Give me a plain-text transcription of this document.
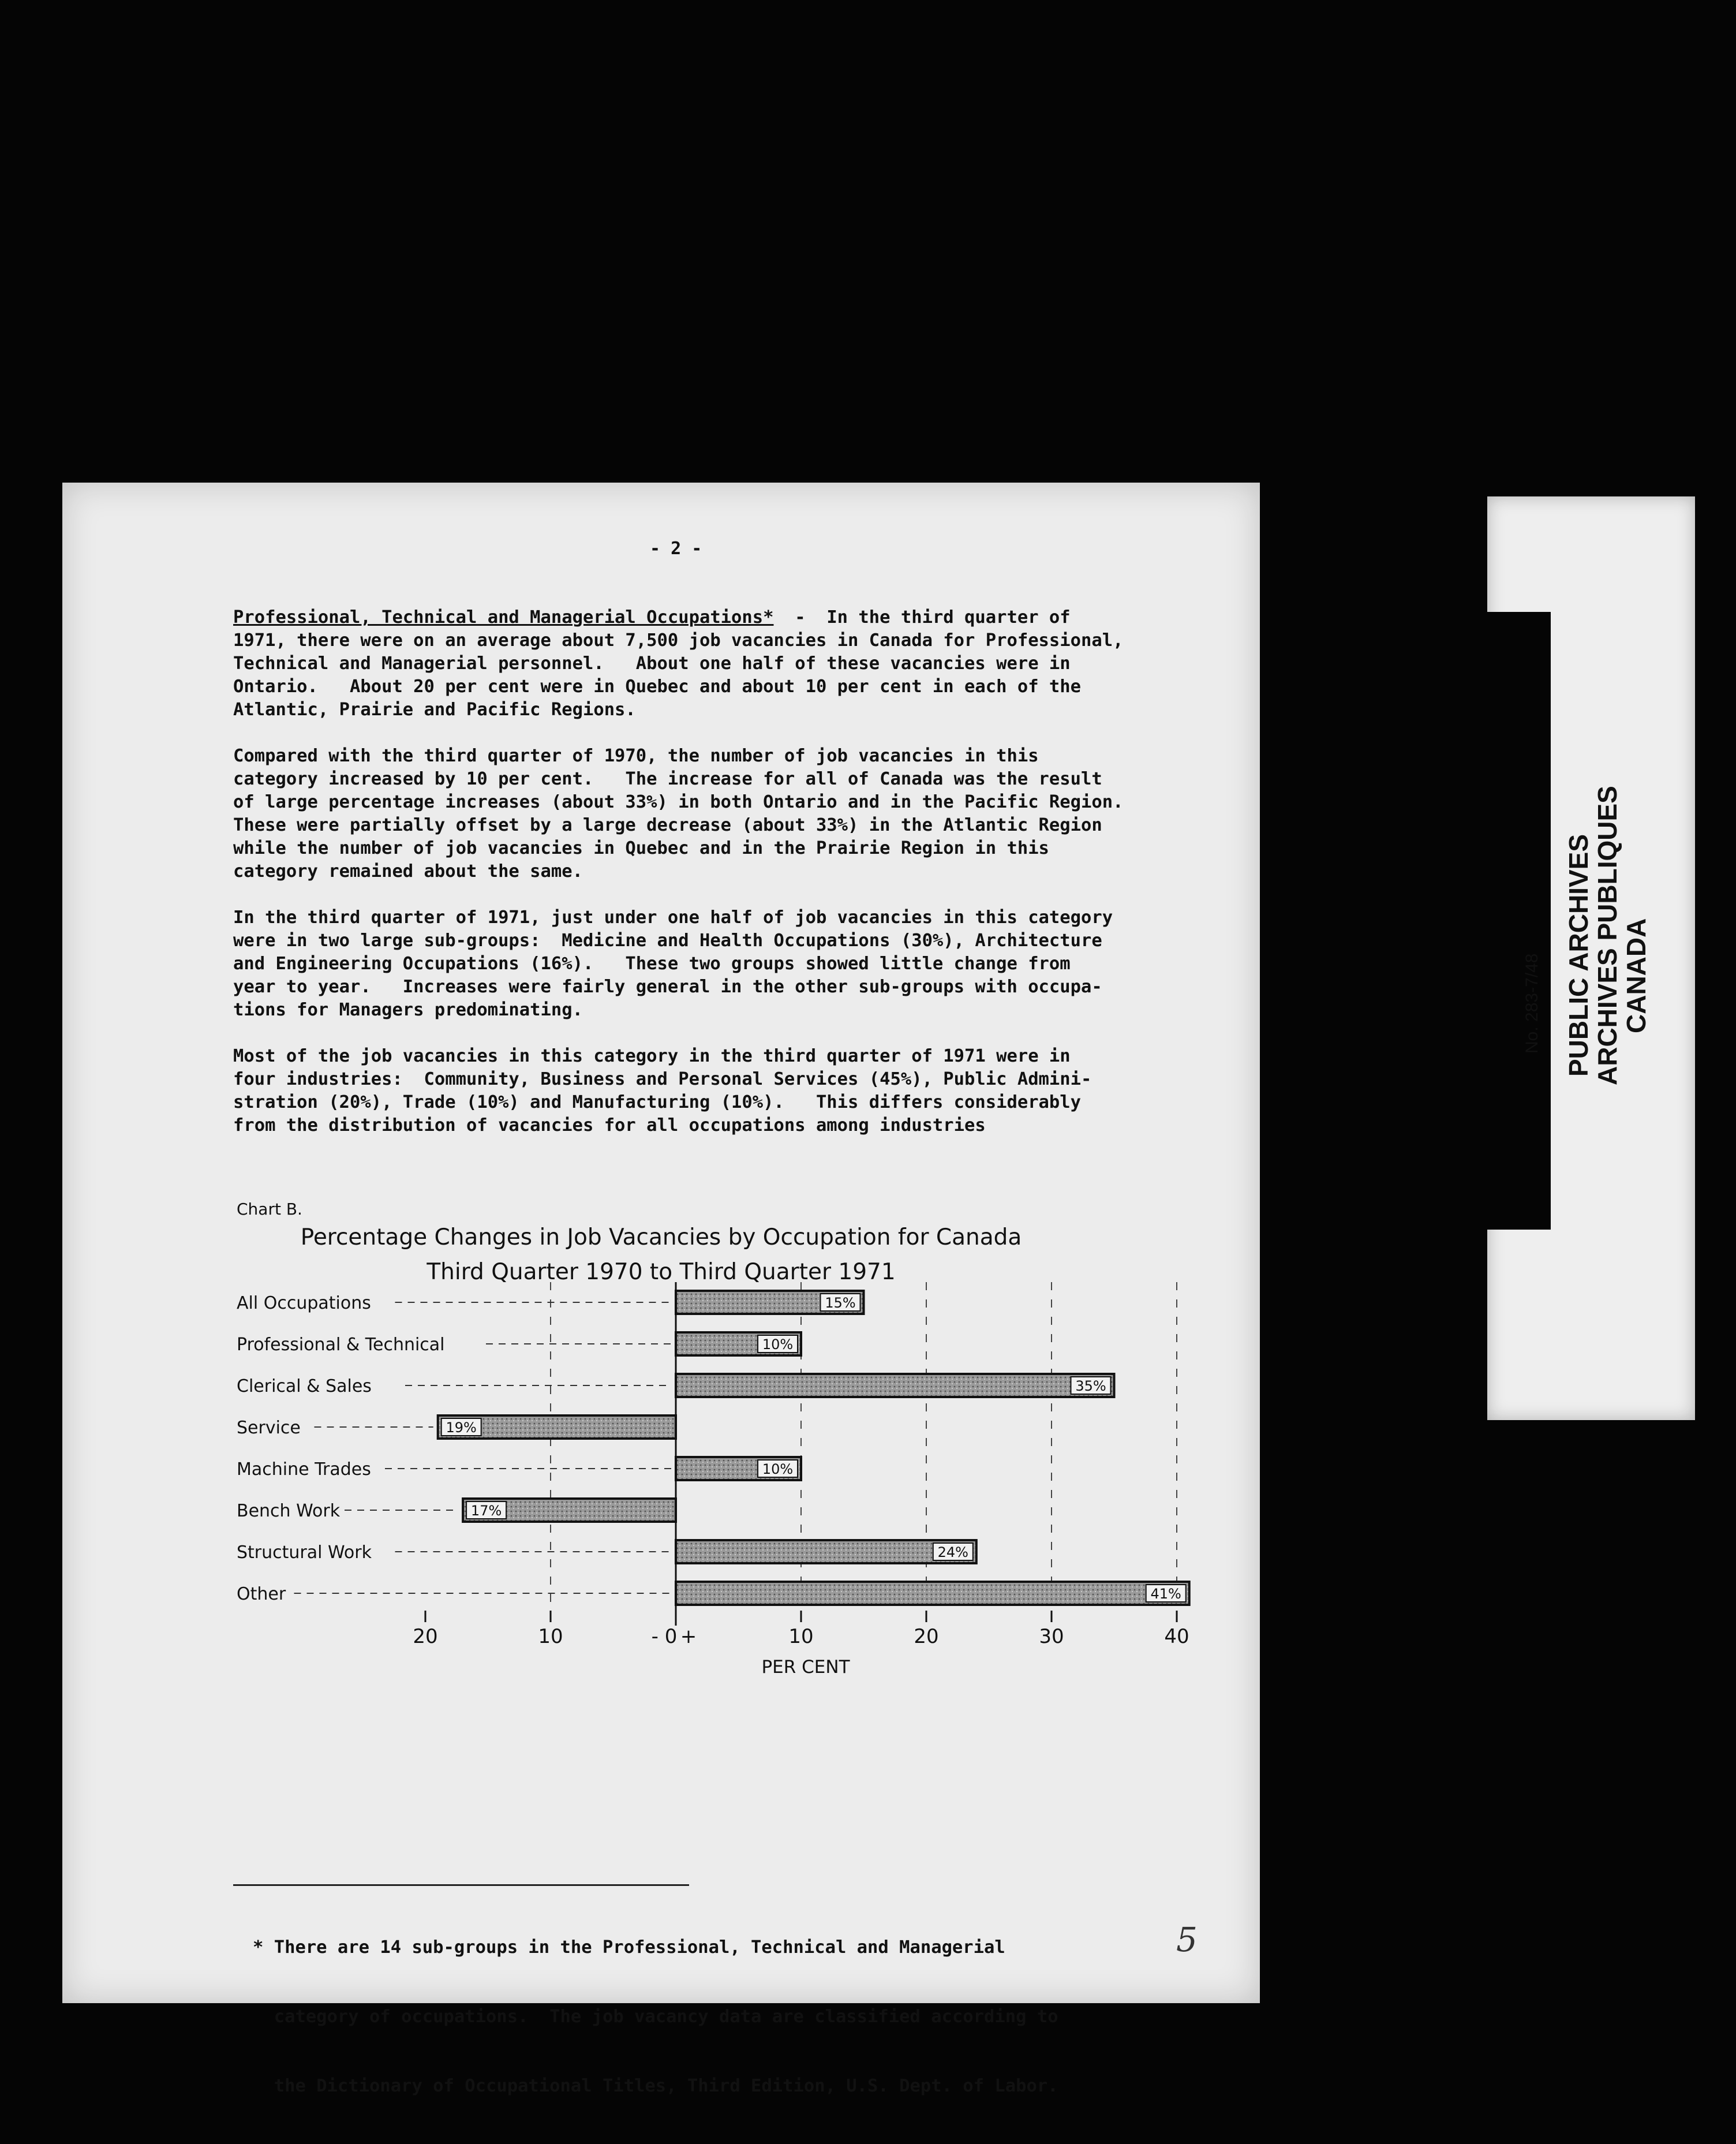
- 2 -
Professional, Technical and Managerial Occupations*  -  In the third quarter of
1971, there were on an average about 7,500 job vacancies in Canada for Professional,
Technical and Managerial personnel.   About one half of these vacancies were in
Ontario.   About 20 per cent were in Quebec and about 10 per cent in each of the
Atlantic, Prairie and Pacific Regions.
Compared with the third quarter of 1970, the number of job vacancies in this
category increased by 10 per cent.   The increase for all of Canada was the result
of large percentage increases (about 33%) in both Ontario and in the Pacific Region.
These were partially offset by a large decrease (about 33%) in the Atlantic Region
while the number of job vacancies in Quebec and in the Prairie Region in this
category remained about the same.
In the third quarter of 1971, just under one half of job vacancies in this category
were in two large sub-groups:  Medicine and Health Occupations (30%), Architecture
and Engineering Occupations (16%).   These two groups showed little change from
year to year.   Increases were fairly general in the other sub-groups with occupa-
tions for Managers predominating.
Most of the job vacancies in this category in the third quarter of 1971 were in
four industries:  Community, Business and Personal Services (45%), Public Admini-
stration (20%), Trade (10%) and Manufacturing (10%).   This differs considerably
from the distribution of vacancies for all occupations among industries
Chart B.
Percentage Changes in Job Vacancies by Occupation for Canada
Third Quarter 1970 to Third Quarter 1971
All Occupations	15%
Professional & Technical	10%
Clerical & Sales	35%
Service	19%
Machine Trades	10%
Bench Work	17%
Structural Work	24%
Other	41%
20	10	- 0 +	10	20	30	40
PER CENT

* There are 14 sub-groups in the Professional, Technical and Managerial

category of occupations.  The job vacancy data are classified according to

the Dictionary of Occupational Titles, Third Edition, U.S. Dept. of Labor.

5
No. 283-7/48 PUBLIC ARCHIVES
ARCHIVES PUBLIQUES
CANADA
